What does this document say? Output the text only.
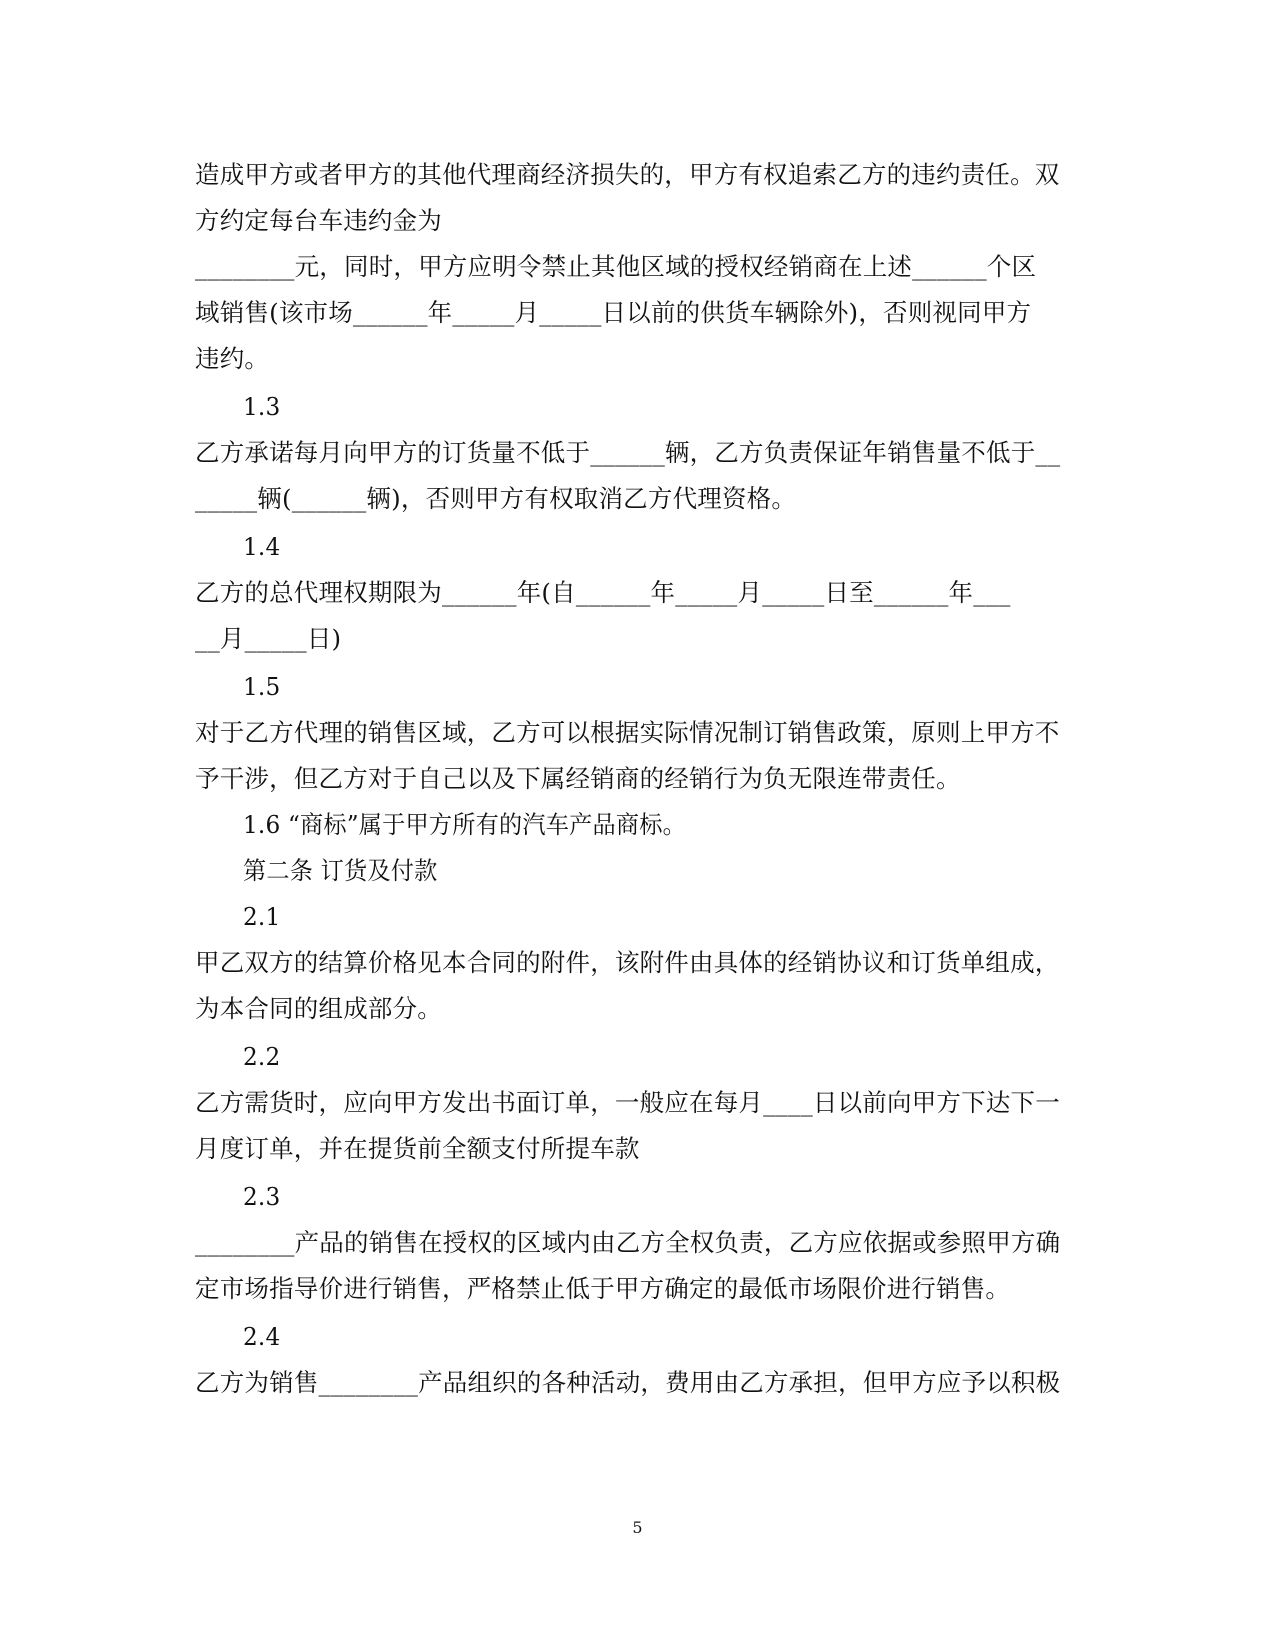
造成甲方或者甲方的其他代理商经济损失的，甲方有权追索乙方的违约责任。双
方约定每台车违约金为
________元，同时，甲方应明令禁止其他区域的授权经销商在上述______个区
域销售(该市场______年_____月_____日以前的供货车辆除外)，否则视同甲方
违约。
1.3
乙方承诺每月向甲方的订货量不低于______辆，乙方负责保证年销售量不低于__
_____辆(______辆)，否则甲方有权取消乙方代理资格。
1.4
乙方的总代理权期限为______年(自______年_____月_____日至______年___
__月_____日)
1.5
对于乙方代理的销售区域，乙方可以根据实际情况制订销售政策，原则上甲方不
予干涉，但乙方对于自己以及下属经销商的经销行为负无限连带责任。
1.6 “商标”属于甲方所有的汽车产品商标。
第二条 订货及付款
2.1
甲乙双方的结算价格见本合同的附件，该附件由具体的经销协议和订货单组成，
为本合同的组成部分。
2.2
乙方需货时，应向甲方发出书面订单，一般应在每月____日以前向甲方下达下一
月度订单，并在提货前全额支付所提车款
2.3
________产品的销售在授权的区域内由乙方全权负责，乙方应依据或参照甲方确
定市场指导价进行销售，严格禁止低于甲方确定的最低市场限价进行销售。
2.4
乙方为销售________产品组织的各种活动，费用由乙方承担，但甲方应予以积极
5
